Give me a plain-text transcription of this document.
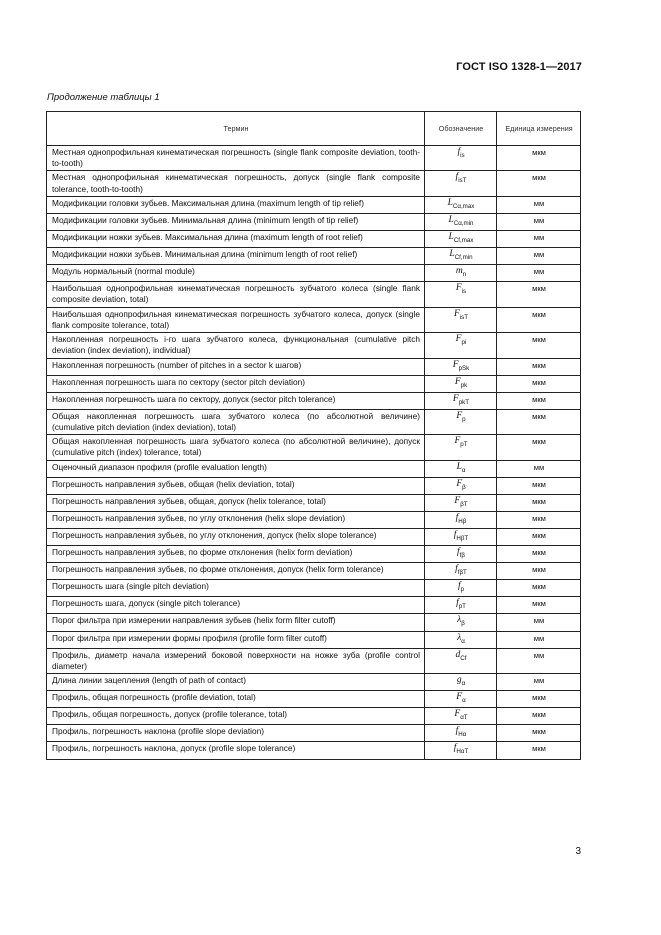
ГОСТ ISO 1328-1—2017
Продолжение таблицы 1
Термин	Обозначение	Единица измерения
Местная однопрофильная кинематическая погрешность (single flank composite deviation, tooth-to-tooth)	$f_{is}$	мкм
Местная однопрофильная кинематическая погрешность, допуск (single flank composite tolerance, tooth-to-tooth)	$f_{isT}$	мкм
Модификации головки зубьев. Максимальная длина (maximum length of tip relief)	$L_{C\alpha,max}$	мм
Модификации головки зубьев. Минимальная длина (minimum length of tip relief)	$L_{C\alpha,min}$	мм
Модификации ножки зубьев. Максимальная длина (maximum length of root relief)	$L_{Cf,max}$	мм
Модификации ножки зубьев. Минимальная длина (minimum length of root relief)	$L_{Cf,min}$	мм
Модуль нормальный (normal module)	$m_n$	мм
Наибольшая однопрофильная кинематическая погрешность зубчатого колеса (single flank composite deviation, total)	$F_{is}$	мкм
Наибольшая однопрофильная кинематическая погрешность зубчатого колеса, допуск (single flank composite tolerance, total)	$F_{isT}$	мкм
Накопленная погрешность i-го шага зубчатого колеса, функциональная (cumulative pitch deviation (index deviation), individual)	$F_{pi}$	мкм
Накопленная погрешность (number of pitches in a sector k шагов)	$F_{pSk}$	мкм
Накопленная погрешность шага по сектору (sector pitch deviation)	$F_{pk}$	мкм
Накопленная погрешность шага по сектору, допуск (sector pitch tolerance)	$F_{pkT}$	мкм
Общая накопленная погрешность шага зубчатого колеса (по абсолютной величине) (cumulative pitch deviation (index deviation), total)	$F_p$	мкм
Общая накопленная погрешность шага зубчатого колеса (по абсолютной величине), допуск (cumulative pitch (index) tolerance, total)	$F_{pT}$	мкм
Оценочный диапазон профиля (profile evaluation length)	$L_\alpha$	мм
Погрешность направления зубьев, общая (helix deviation, total)	$F_\beta$	мкм
Погрешность направления зубьев, общая, допуск (helix tolerance, total)	$F_{\beta T}$	мкм
Погрешность направления зубьев, по углу отклонения (helix slope deviation)	$f_{H\beta}$	мкм
Погрешность направления зубьев, по углу отклонения, допуск (helix slope tolerance)	$f_{H\beta T}$	мкм
Погрешность направления зубьев, по форме отклонения (helix form deviation)	$f_{f\beta}$	мкм
Погрешность направления зубьев, по форме отклонения, допуск (helix form tolerance)	$f_{f\beta T}$	мкм
Погрешность шага (single pitch deviation)	$f_p$	мкм
Погрешность шага, допуск (single pitch tolerance)	$f_{pT}$	мкм
Порог фильтра при измерении направления зубьев (helix form filter cutoff)	$\lambda_\beta$	мм
Порог фильтра при измерении формы профиля (profile form filter cutoff)	$\lambda_\alpha$	мм
Профиль, диаметр начала измерений боковой поверхности на ножке зуба (profile control diameter)	$d_{Cf}$	мм
Длина линии зацепления (length of path of contact)	$g_\alpha$	мм
Профиль, общая погрешность (profile deviation, total)	$F_\alpha$	мкм
Профиль, общая погрешность, допуск (profile tolerance, total)	$F_{\alpha T}$	мкм
Профиль, погрешность наклона (profile slope deviation)	$f_{H\alpha}$	мкм
Профиль, погрешность наклона, допуск (profile slope tolerance)	$f_{H\alpha T}$	мкм
3
